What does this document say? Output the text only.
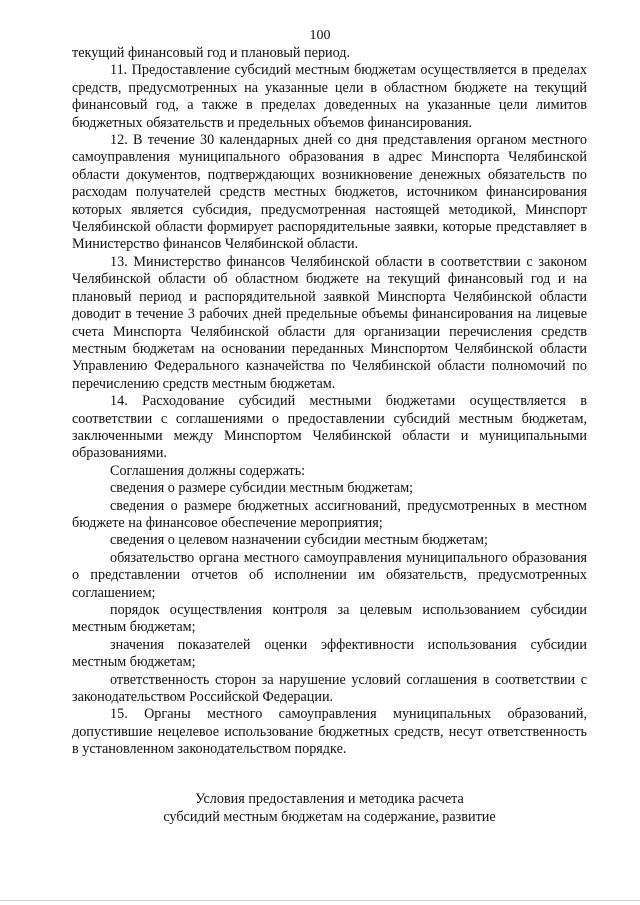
100

текущий финансовый год и плановый период.

11. Предоставление субсидий местным бюджетам осуществляется в пределах средств, предусмотренных на указанные цели в областном бюджете на текущий финансовый год, а также в пределах доведенных на указанные цели лимитов бюджетных обязательств и предельных объемов финансирования.

12. В течение 30 календарных дней со дня представления органом местного самоуправления муниципального образования в адрес Минспорта Челябинской области документов, подтверждающих возникновение денежных обязательств по расходам получателей средств местных бюджетов, источником финансирования которых является субсидия, предусмотренная настоящей методикой, Минспорт Челябинской области формирует распорядительные заявки, которые представляет в Министерство финансов Челябинской области.

13. Министерство финансов Челябинской области в соответствии с законом Челябинской области об областном бюджете на текущий финансовый год и на плановый период и распорядительной заявкой Минспорта Челябинской области доводит в течение 3 рабочих дней предельные объемы финансирования на лицевые счета Минспорта Челябинской области для организации перечисления средств местным бюджетам на основании переданных Минспортом Челябинской области Управлению Федерального казначейства по Челябинской области полномочий по перечислению средств местным бюджетам.

14. Расходование субсидий местными бюджетами осуществляется в соответствии с соглашениями о предоставлении субсидий местным бюджетам, заключенными между Минспортом Челябинской области и муниципальными образованиями.

Соглашения должны содержать:

сведения о размере субсидии местным бюджетам;

сведения о размере бюджетных ассигнований, предусмотренных в местном бюджете на финансовое обеспечение мероприятия;

сведения о целевом назначении субсидии местным бюджетам;

обязательство органа местного самоуправления муниципального образования о представлении отчетов об исполнении им обязательств, предусмотренных соглашением;

порядок осуществления контроля за целевым использованием субсидии местным бюджетам;

значения показателей оценки эффективности использования субсидии местным бюджетам;

ответственность сторон за нарушение условий соглашения в соответствии с законодательством Российской Федерации.

15. Органы местного самоуправления муниципальных образований, допустившие нецелевое использование бюджетных средств, несут ответственность в установленном законодательством порядке.

Условия предоставления и методика расчета
субсидий местным бюджетам на содержание, развитие
